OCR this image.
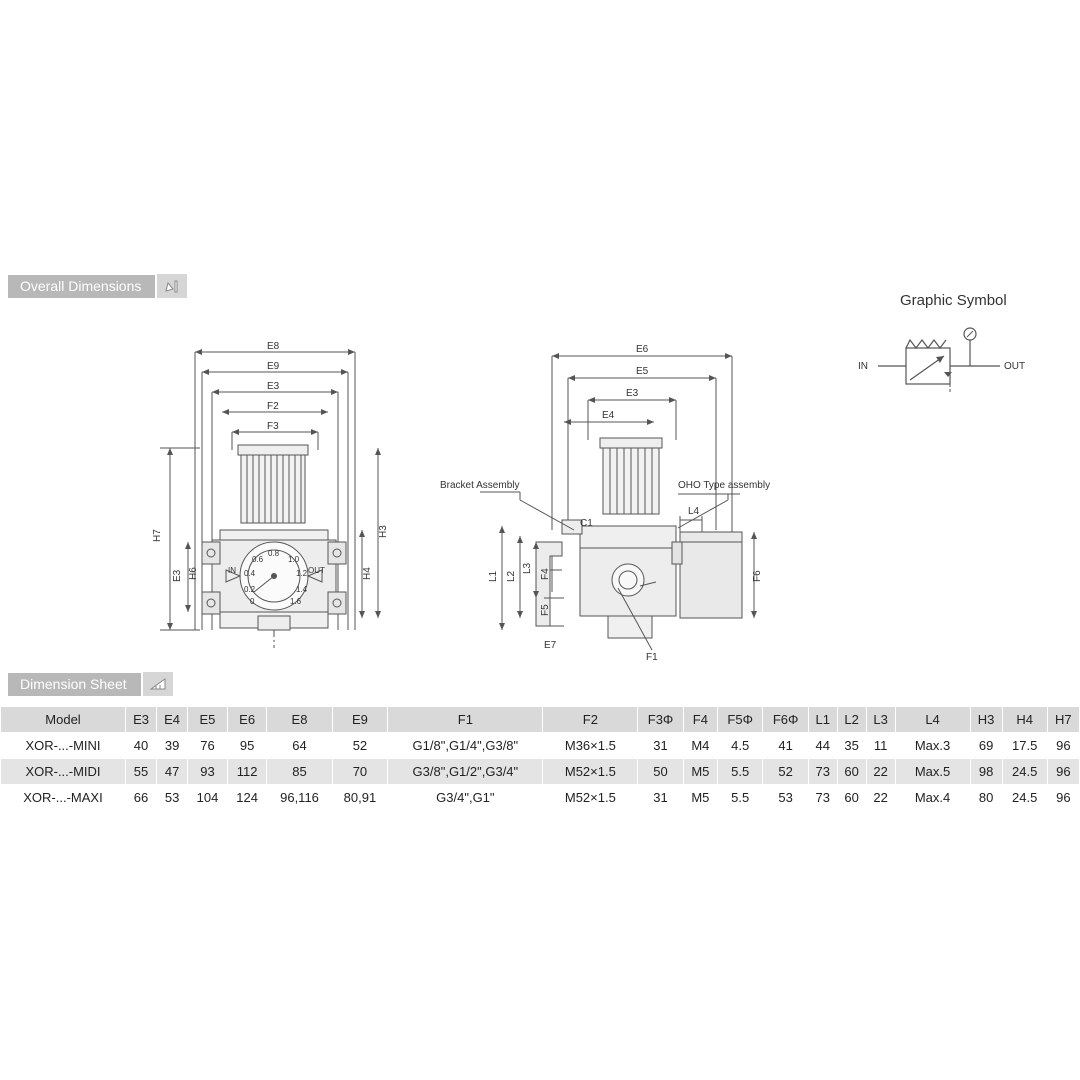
Overall Dimensions
Graphic Symbol
IN	OUT
E8
E9
E3
F2
F3
H7
E3 H6
H3
H4
IN	OUT
0.8
1.0
0.6
0.4	1.2
0.2	1.4
0	1.6
E6
E5
E3
E4
L1 L2
L3 F4
F5
F6
E7
L4
C1
F1
Bracket Assembly	OHO Type assembly
Dimension Sheet
Model	E3	E4	E5	E6	E8	E9	F1	F2	F3Φ	F4	F5Φ	F6Φ	L1	L2	L3	L4	H3	H4	H7
XOR-...-MINI	40	39	76	95	64	52	G1/8",G1/4",G3/8"	M36×1.5	31	M4	4.5	41	44	35	11	Max.3	69	17.5	96
XOR-...-MIDI	55	47	93	112	85	70	G3/8",G1/2",G3/4"	M52×1.5	50	M5	5.5	52	73	60	22	Max.5	98	24.5	96
XOR-...-MAXI	66	53	104	124	96,116	80,91	G3/4",G1"	M52×1.5	31	M5	5.5	53	73	60	22	Max.4	80	24.5	96
